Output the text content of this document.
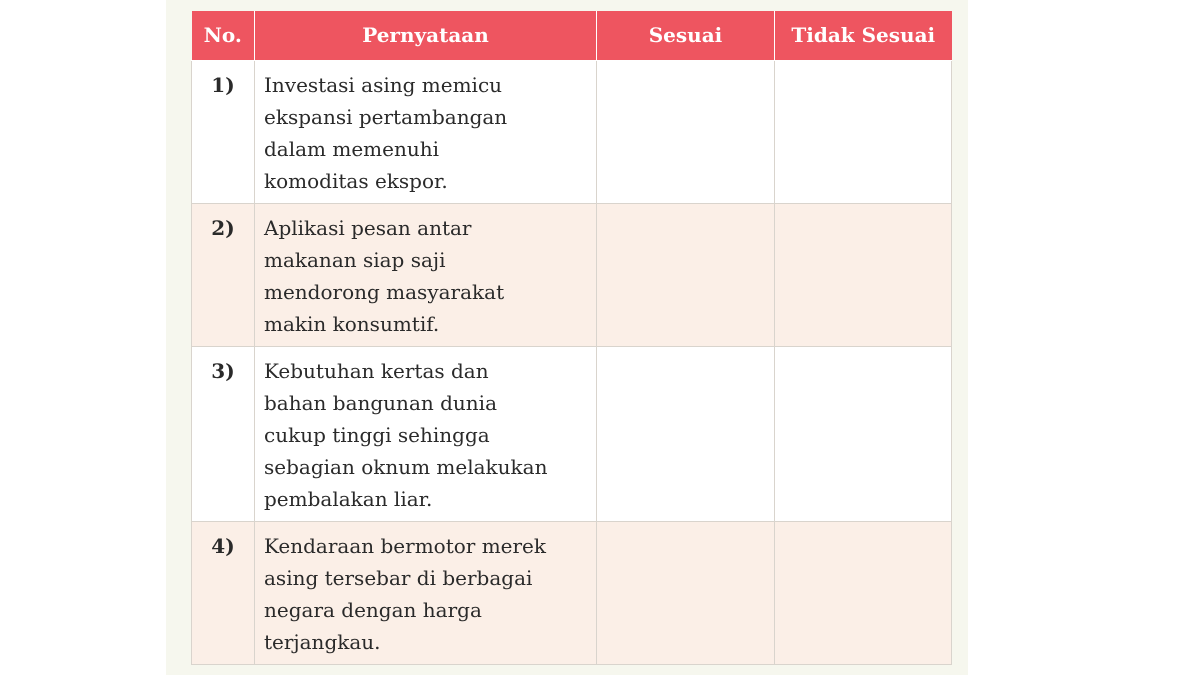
No.	Pernyataan	Sesuai	Tidak Sesuai
1)	Investasi asing memicu
ekspansi pertambangan
dalam memenuhi
komoditas ekspor.		

2)	Aplikasi pesan antar
makanan siap saji
mendorong masyarakat
makin konsumtif.		

3)	Kebutuhan kertas dan
bahan bangunan dunia
cukup tinggi sehingga
sebagian oknum melakukan
pembalakan liar.		

4)	Kendaraan bermotor merek
asing tersebar di berbagai
negara dengan harga
terjangkau.		
